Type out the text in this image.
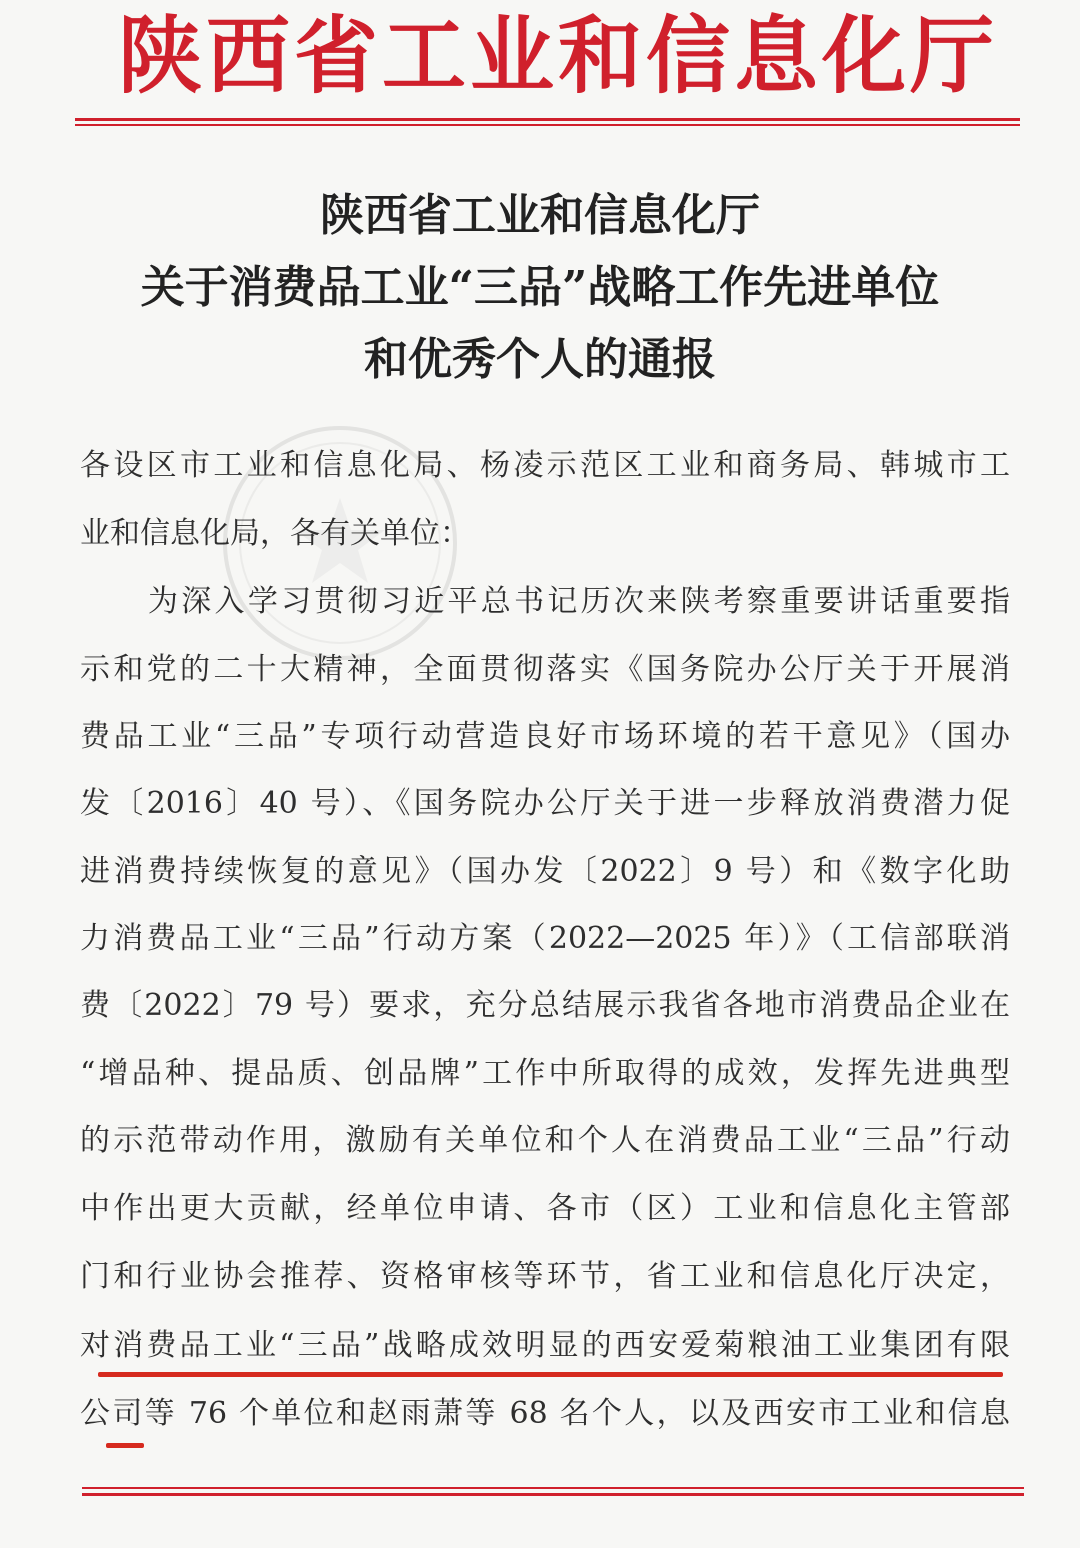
陕西省工业和信息化厅
陕西省工业和信息化厅
关于消费品工业“三品”战略工作先进单位
和优秀个人的通报
各设区市工业和信息化局、杨凌示范区工业和商务局、韩城市工
业和信息化局，各有关单位：
为深入学习贯彻习近平总书记历次来陕考察重要讲话重要指
示和党的二十大精神，全面贯彻落实《国务院办公厅关于开展消
费品工业“三品”专项行动营造良好市场环境的若干意见》（国办
发〔2016〕40 号）、《国务院办公厅关于进一步释放消费潜力促
进消费持续恢复的意见》（国办发〔2022〕9 号）和《数字化助
力消费品工业“三品”行动方案（2022—2025 年）》（工信部联消
费〔2022〕79 号）要求，充分总结展示我省各地市消费品企业在
“增品种、提品质、创品牌”工作中所取得的成效，发挥先进典型
的示范带动作用，激励有关单位和个人在消费品工业“三品”行动
中作出更大贡献，经单位申请、各市（区）工业和信息化主管部
门和行业协会推荐、资格审核等环节，省工业和信息化厅决定，
对消费品工业“三品”战略成效明显的西安爱菊粮油工业集团有限
公司等 76 个单位和赵雨萧等 68 名个人，以及西安市工业和信息
